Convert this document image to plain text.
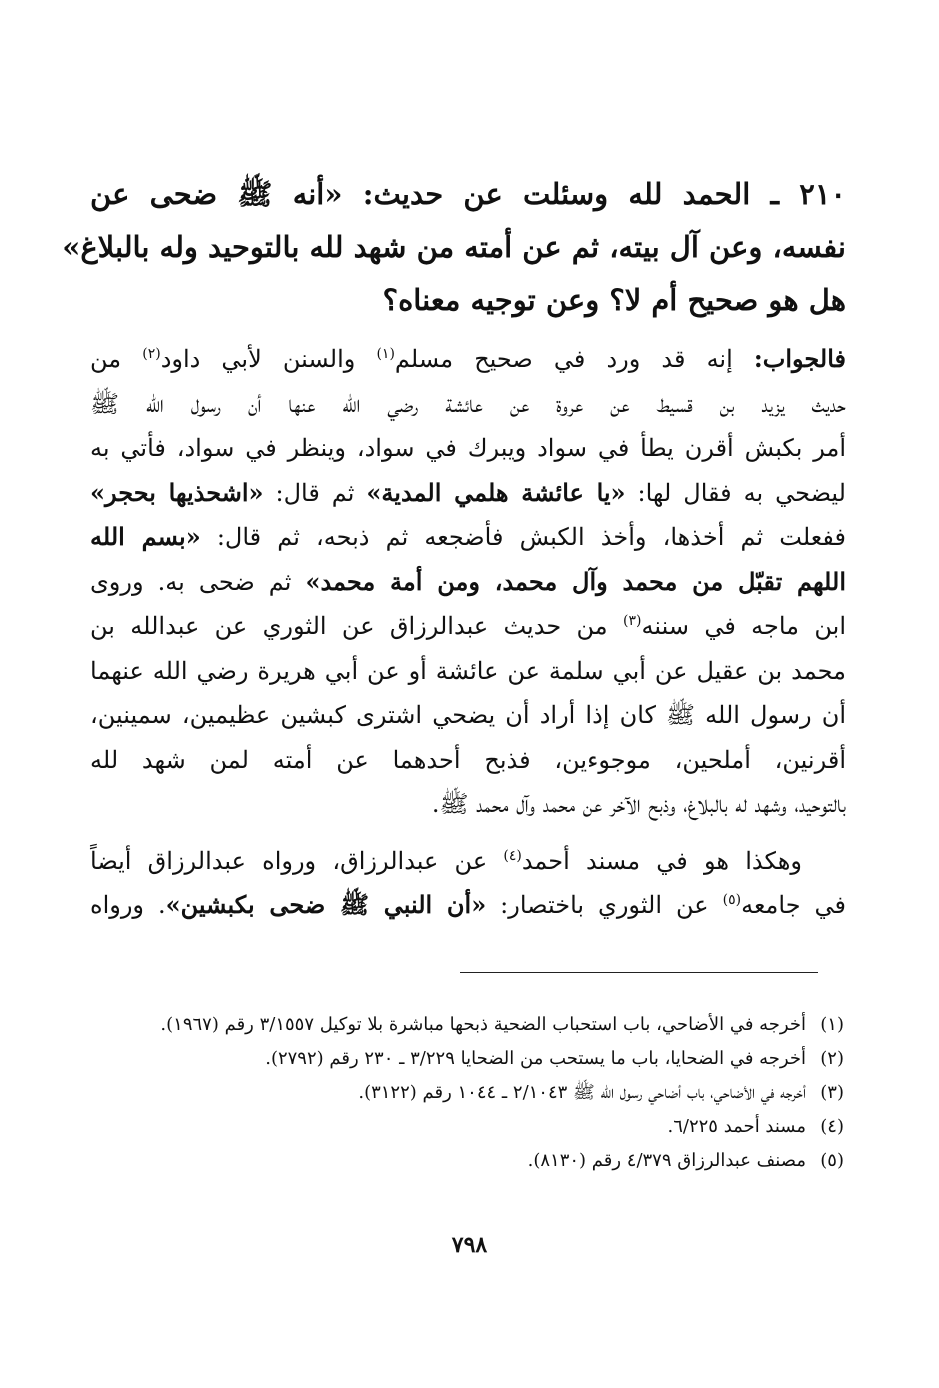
٢١٠ ـ الحمد لله وسئلت عن حديث: «أنه ﷺ ضحى عن

نفسه، وعن آل بيته، ثم عن أمته من شهد لله بالتوحيد وله بالبلاغ»

هل هو صحيح أم لا؟ وعن توجيه معناه؟

فالجواب: إنه قد ورد في صحيح مسلم$^{(١)}$ والسنن لأبي داود$^{(٢)}$ من

حديث يزيد بن قسيط عن عروة عن عائشة رضي الله عنها أن رسول الله ﷺ

أمر بكبش أقرن يطأ في سواد ويبرك في سواد، وينظر في سواد، فأتي به

ليضحي به فقال لها: «يا عائشة هلمي المدية» ثم قال: «اشحذيها بحجر»

ففعلت ثم أخذها، وأخذ الكبش فأضجعه ثم ذبحه، ثم قال: «بسم الله

اللهم تقبّل من محمد وآل محمد، ومن أمة محمد» ثم ضحى به. وروى

ابن ماجه في سننه$^{(٣)}$ من حديث عبدالرزاق عن الثوري عن عبدالله بن

محمد بن عقيل عن أبي سلمة عن عائشة أو عن أبي هريرة رضي الله عنهما

أن رسول الله ﷺ كان إذا أراد أن يضحي اشترى كبشين عظيمين، سمينين،

أقرنين، أملحين، موجوءين، فذبح أحدهما عن أمته لمن شهد لله

بالتوحيد، وشهد له بالبلاغ، وذبح الآخر عن محمد وآل محمد ﷺ.

وهكذا هو في مسند أحمد$^{(٤)}$ عن عبدالرزاق، ورواه عبدالرزاق أيضاً

في جامعه$^{(٥)}$ عن الثوري باختصار: «أن النبي ﷺ ضحى بكبشين». ورواه

(١)
أخرجه في الأضاحي، باب استحباب الضحية ذبحها مباشرة بلا توكيل ٣/١٥٥٧ رقم (١٩٦٧).
(٢)
أخرجه في الضحايا، باب ما يستحب من الضحايا ٣/٢٢٩ ـ ٢٣٠ رقم (٢٧٩٢).
(٣)
أخرجه في الأضاحي، باب أضاحي رسول الله ﷺ ٢/١٠٤٣ ـ ١٠٤٤ رقم (٣١٢٢).
(٤)
مسند أحمد ٦/٢٢٥.
(٥)
مصنف عبدالرزاق ٤/٣٧٩ رقم (٨١٣٠).
٧٩٨
